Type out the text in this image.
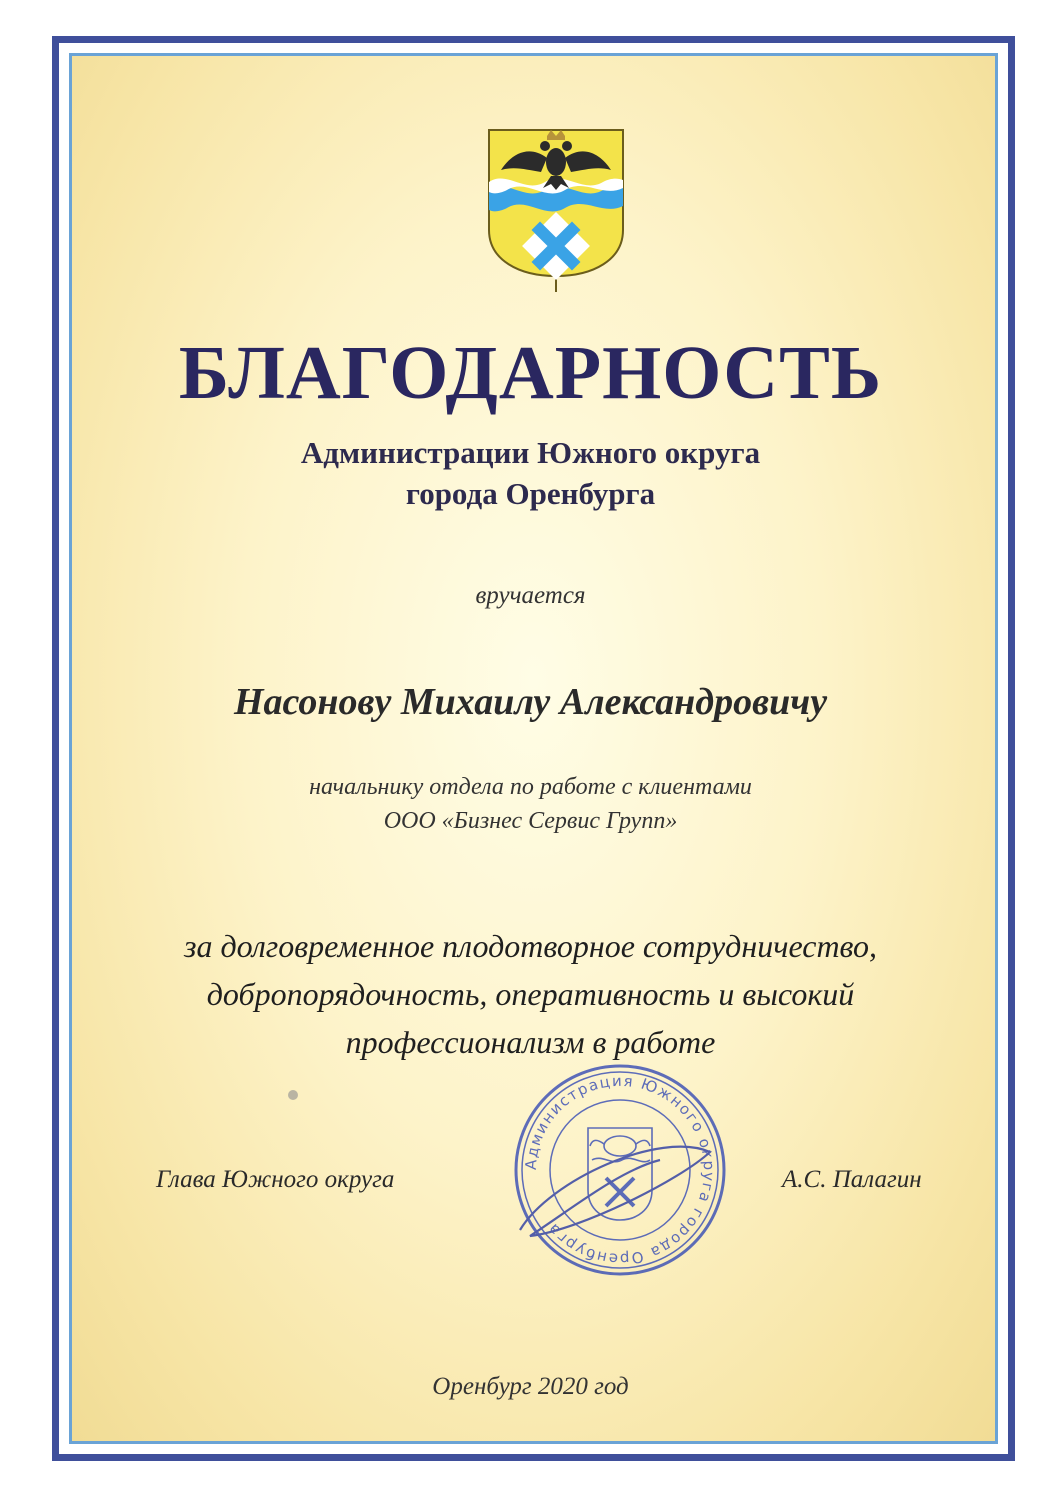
БЛАГОДАРНОСТЬ
Администрации Южного округа
города Оренбурга
вручается
Насонову Михаилу Александровичу
начальнику отдела по работе с клиентами
ООО «Бизнес Сервис Групп»
за долговременное плодотворное сотрудничество,
добропорядочность, оперативность и высокий
профессионализм в работе
Администрация Южного округа города Оренбурга
Глава Южного округа	А.С. Палагин
Оренбург 2020 год
